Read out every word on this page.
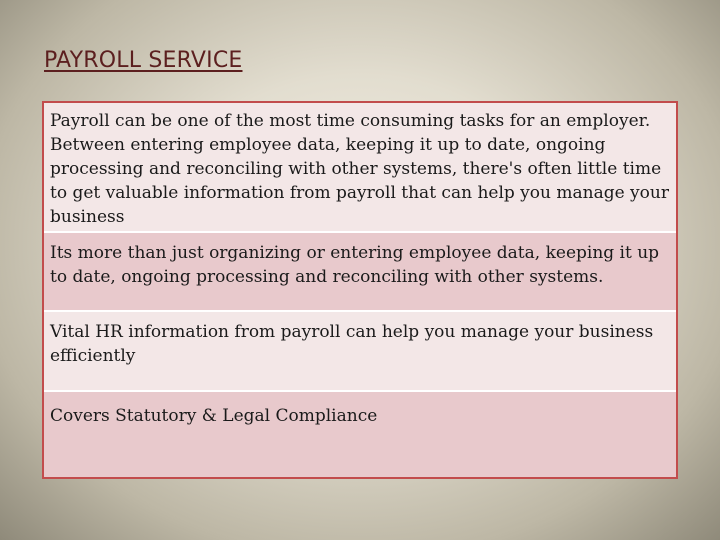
PAYROLL SERVICE
Payroll can be one of the most time consuming tasks for an employer. Between entering employee data, keeping it up to date, ongoing processing and reconciling with other systems, there's often little time to get valuable information from payroll that can help you manage your business
Its more than just organizing or entering employee data, keeping it up to date, ongoing processing and reconciling with other systems.
Vital HR information from payroll can help you manage your business efficiently
Covers Statutory & Legal Compliance
